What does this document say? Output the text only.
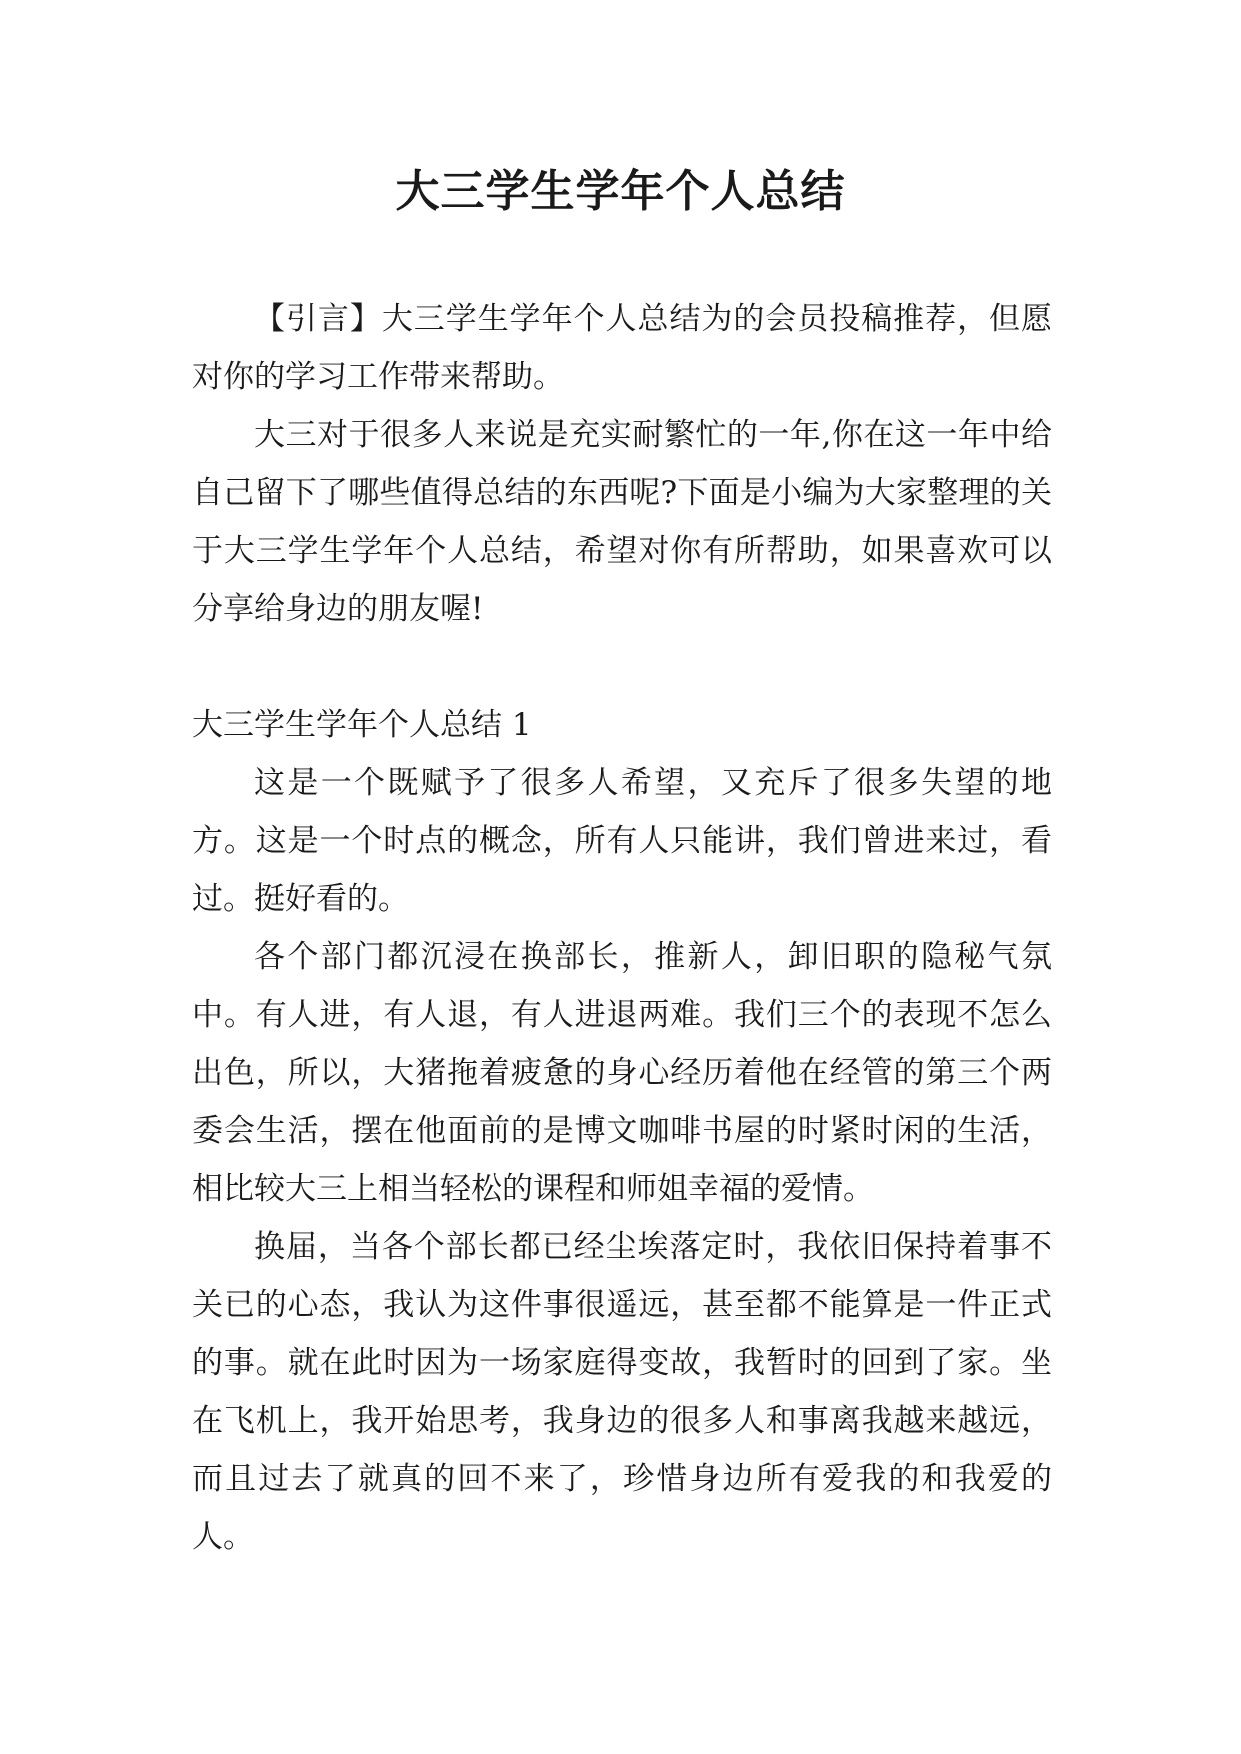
大三学生学年个人总结

【引言】大三学生学年个人总结为的会员投稿推荐，但愿对你的学习工作带来帮助。

大三对于很多人来说是充实耐繁忙的一年,你在这一年中给自己留下了哪些值得总结的东西呢?下面是小编为大家整理的关于大三学生学年个人总结，希望对你有所帮助，如果喜欢可以分享给身边的朋友喔!

大三学生学年个人总结 1

这是一个既赋予了很多人希望，又充斥了很多失望的地方。这是一个时点的概念，所有人只能讲，我们曾进来过，看过。挺好看的。

各个部门都沉浸在换部长，推新人，卸旧职的隐秘气氛中。有人进，有人退，有人进退两难。我们三个的表现不怎么出色，所以，大猪拖着疲惫的身心经历着他在经管的第三个两委会生活，摆在他面前的是博文咖啡书屋的时紧时闲的生活，相比较大三上相当轻松的课程和师姐幸福的爱情。

换届，当各个部长都已经尘埃落定时，我依旧保持着事不关已的心态，我认为这件事很遥远，甚至都不能算是一件正式的事。就在此时因为一场家庭得变故，我暂时的回到了家。坐在飞机上，我开始思考，我身边的很多人和事离我越来越远，而且过去了就真的回不来了，珍惜身边所有爱我的和我爱的人。
